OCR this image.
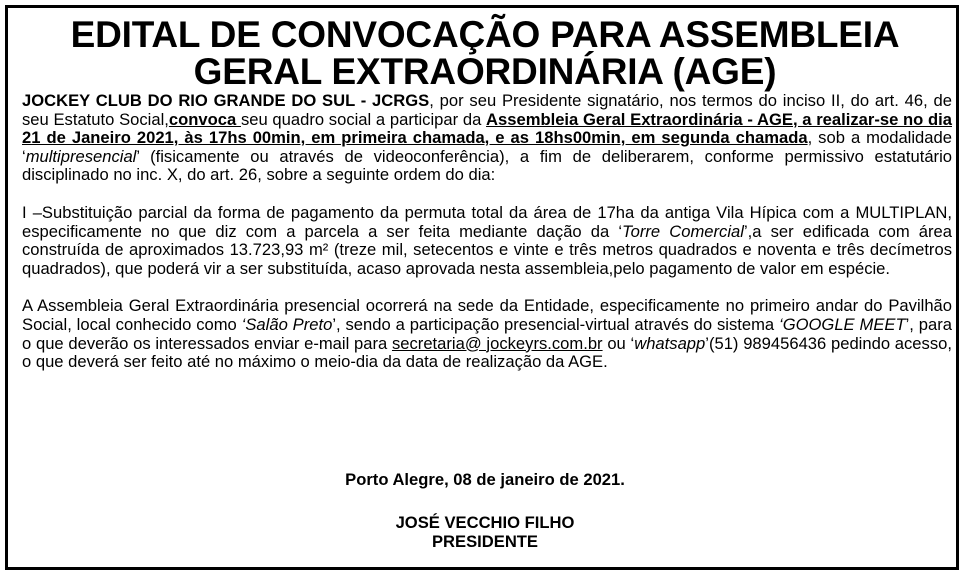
EDITAL DE CONVOCAÇÃO PARA ASSEMBLEIA
GERAL EXTRAORDINÁRIA (AGE)

JOCKEY CLUB DO RIO GRANDE DO SUL - JCRGS, por seu Presidente signatário, nos termos do inciso II, do art. 46, de seu Estatuto Social,convoca seu quadro social a participar da Assembleia Geral Extraordinária - AGE, a realizar-se no dia 21 de Janeiro 2021, às 17hs 00min, em primeira chamada, e as 18hs00min, em segunda chamada, sob a modalidade ‘multipresencial’ (fisicamente ou através de videoconferência), a fim de deliberarem, conforme permissivo estatutário disciplinado no inc. X, do art. 26, sobre a seguinte ordem do dia:

I –Substituição parcial da forma de pagamento da permuta total da área de 17ha da antiga Vila Hípica com a MULTIPLAN, especificamente no que diz com a parcela a ser feita mediante dação da ‘Torre Comercial’,a ser edificada com área construída de aproximados 13.723,93 m² (treze mil, setecentos e vinte e três metros quadrados e noventa e três decímetros quadrados), que poderá vir a ser substituída, acaso aprovada nesta assembleia,pelo pagamento de valor em espécie.

A Assembleia Geral Extraordinária presencial ocorrerá na sede da Entidade, especificamente no primeiro andar do Pavilhão Social, local conhecido como ‘Salão Preto’, sendo a participação presencial-virtual através do sistema ‘GOOGLE MEET’, para o que deverão os interessados enviar e-mail para secretaria@ jockeyrs.com.br ou ‘whatsapp’(51) 989456436 pedindo acesso, o que deverá ser feito até no máximo o meio-dia da data de realização da AGE.

Porto Alegre, 08 de janeiro de 2021.
JOSÉ VECCHIO FILHO
PRESIDENTE
